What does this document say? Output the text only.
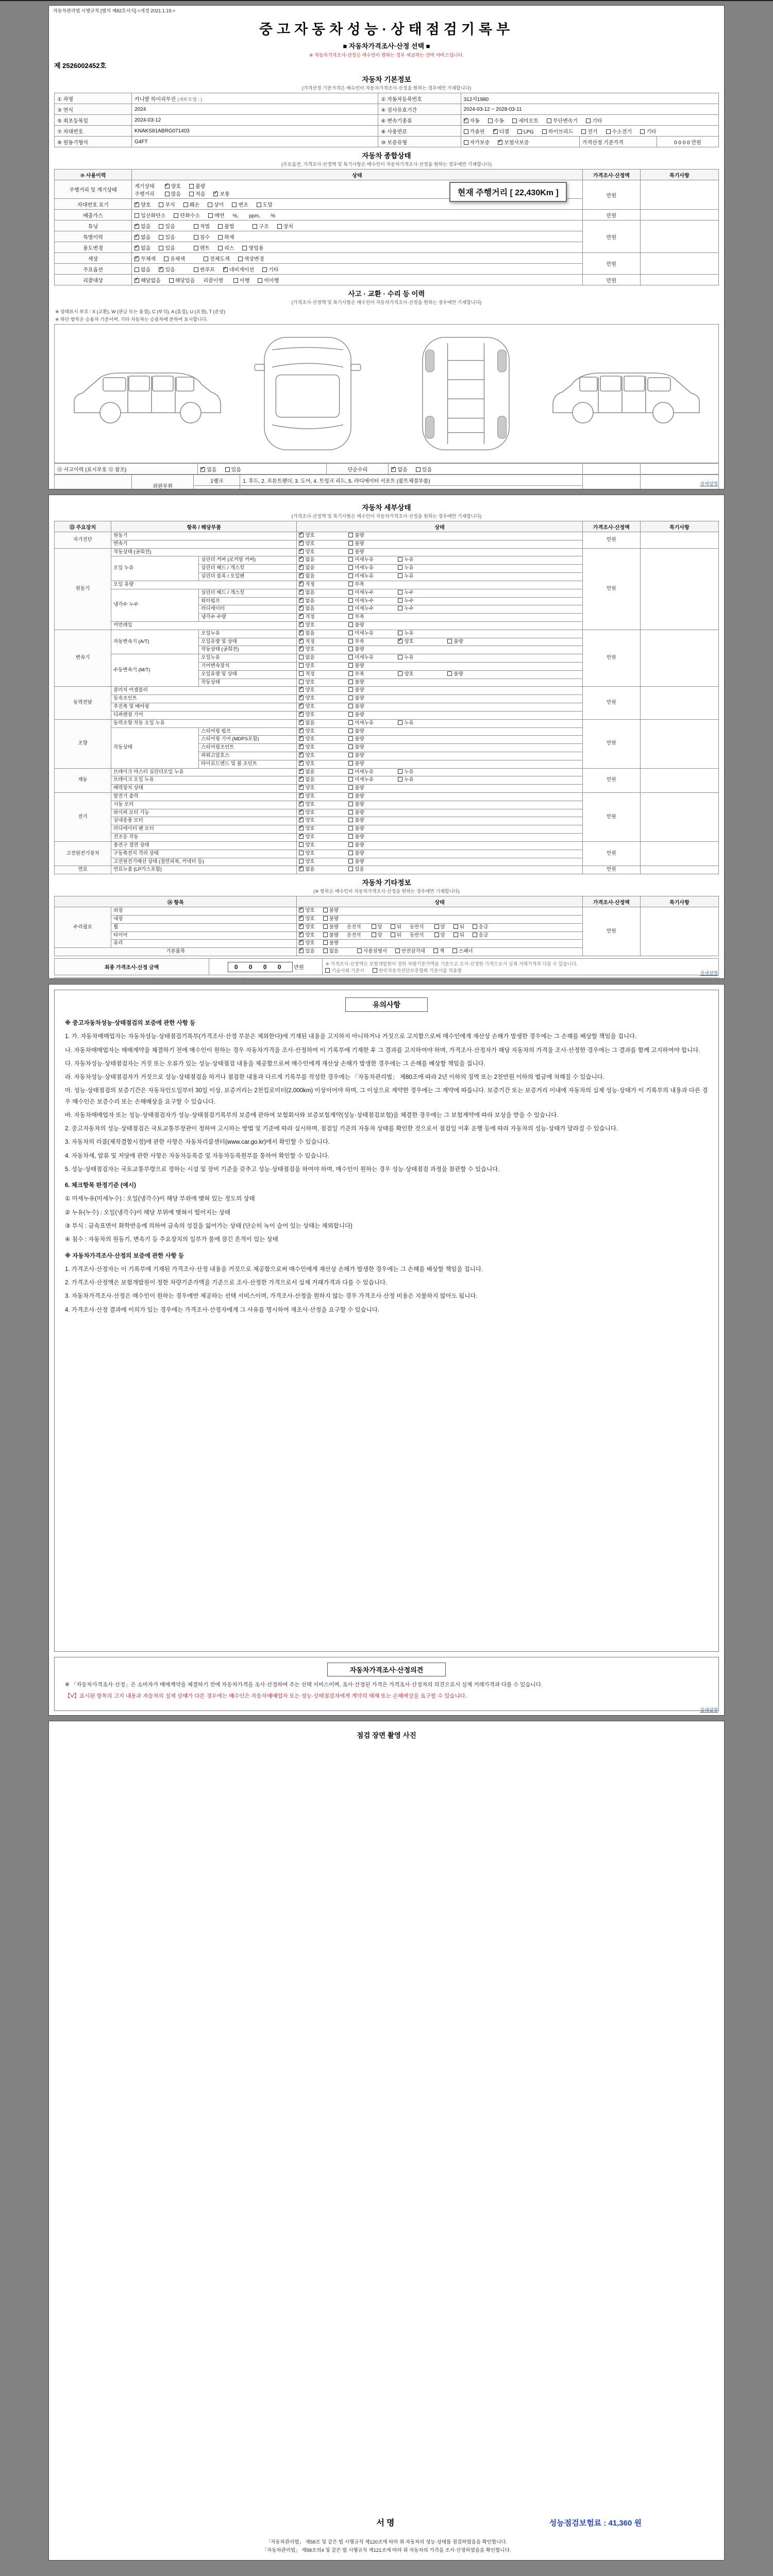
자동차관리법 시행규칙 [별지 제82호서식] <개정 2021.1.19.>
중고자동차성능·상태점검기록부
■ 자동차가격조사·산정 선택 ■
※ 자동차가격조사·산정은 매수인이 원하는 경우 제공하는 선택 서비스입니다.
제 2526002452호
자동차 기본정보
(가격산정 기준가격은 매수인이 자동차가격조사·산정을 원하는 경우에만 기재합니다)
① 차명	카니발 하이리무진 (세부모델 : )	② 자동차등록번호	312저1980		
③ 연식	2024	④ 검사유효기간	2024-03-12 ~ 2028-03-11		
⑤ 최초등록일	2024-03-12	⑥ 변속기종류	✓자동 수동 세미오토 무단변속기 기타
⑦ 차대번호	KNAKS81ABRG071403	⑧ 사용연료	가솔린 ✓ 디젤 LPG 하이브리드 전기 수소전기 기타
⑨ 원동기형식	G4FT	⑩ 보증유형	자가보증 ✓ 보험사보증	가격산정 기준가격	0 0 0 0 만원
자동차 종합상태
(주요옵션, 가격조사·산정액 및 특기사항은 매수인이 자동차가격조사·산정을 원하는 경우에만 기재합니다)
⑩ 사용이력	상태	가격조사·산정액	특기사항
주행거리 및 계기상태	계기상태 ✓ 양호 불량
주행거리 많음 적음 ✓ 보통 현재 주행거리 [ 22,430Km ]	만원	
차대번호 표기	✓양호 부식 훼손 상이 변조 도말
배출가스	일산화탄소 탄화수소 매연 %, ppm, %	만원	
튜닝	✓없음 있음 적법 불법 구조 장치	만원	
특별이력	✓없음 있음 침수 화재
용도변경	✓없음 있음 렌트 리스 영업용
색상	✓무채색 유채색 전체도색 색상변경	만원	
주요옵션	없음 ✓ 있음 썬루프 ✓ 네비게이션 기타
리콜대상	✓해당없음 해당있음 리콜이행 이행 미이행	만원	
사고 · 교환 · 수리 등 이력
(가격조사·산정액 및 특기사항은 매수인이 자동차가격조사·산정을 원하는 경우에만 기재합니다)
※ 상태표시 부호 : X (교환), W (판금 또는 용접), C (부식), A (흠집), U (요철), T (손상)
※ 하단 항목은 승용차 기준이며, 기타 자동차는 승용차에 준하여 표시합니다.
⑪ 사고이력 (표시부호 ⑫ 참조)	✓없음	있음	단순수리	✓없음	있음		
	외판부위	1랭크	1. 후드, 2. 프론트펜더, 3. 도어, 4. 트렁크 리드, 5. 라디에이터 서포트 (볼트체결부품)		

		상세설명
자동차 세부상태
(가격조사·산정액 및 특기사항은 매수인이 자동차가격조사·산정을 원하는 경우에만 기재합니다)
⑬ 주요장치	항목 / 해당부품		상태	가격조사·산정액	특기사항
자기진단	원동기	✓양호 불량	만원	
	변속기	✓양호 불량
원동기	작동상태 (공회전)	✓양호 불량	만원	
	오일 누유	실린더 커버 (로커암 커버)	✓없음 미세누유 누유
		실린더 헤드 / 개스킷	✓없음 미세누유 누유
		실린더 블록 / 오일팬	✓없음 미세누유 누유
	오일 유량	✓적정 부족
	냉각수 누수	실린더 헤드 / 개스킷	✓없음 미세누수 누수
		워터펌프	✓없음 미세누수 누수
		라디에이터	✓없음 미세누수 누수
		냉각수 수량	✓적정 부족
	커먼레일	✓양호 불량
변속기	자동변속기 (A/T)	오일누유	✓없음 미세누유 누유	만원	
		오일유량 및 상태	✓적정 부족 ✓ 양호 불량
		작동상태 (공회전)	✓양호 불량
	수동변속기 (M/T)	오일누유	없음 미세누유 누유		
		기어변속장치	양호 불량		
		오일유량 및 상태	적정 부족 양호 불량		
		작동상태	양호 불량		
동력전달	클러치 어셈블리	✓양호 불량	만원	
	등속조인트	✓양호 불량
	추진축 및 베어링	✓양호 불량
	디퍼렌셜 기어	✓양호 불량
조향	동력조향 작동 오일 누유	✓없음 미세누유 누유	만원	
	작동상태	스티어링 펌프	✓양호 불량
		스티어링 기어 (MDPS포함)	✓양호 불량
		스티어링조인트	✓양호 불량
		파워고압호스	✓양호 불량
		타이로드엔드 및 볼 조인트	✓양호 불량
제동	브레이크 마스터 실린더오일 누유	✓없음 미세누유 누유	만원	
	브레이크 오일 누유	✓없음 미세누유 누유
	배력장치 상태	✓양호 불량
전기	발전기 출력	✓양호 불량	만원	
	시동 모터	✓양호 불량
	와이퍼 모터 기능	✓양호 불량
	실내송풍 모터	✓양호 불량
	라디에이터 팬 모터	✓양호 불량
	전조등 작동	✓양호 불량
고전원전기장치	충전구 절연 상태		양호 불량	만원	
	구동축전지 격리 상태		양호 불량		
	고전원전기배선 상태 (절연피복, 커넥터 등)		양호 불량		
연료	연료누출 (LP가스포함)	✓없음 있음	만원	
자동차 기타정보
(※ 항목은 매수인이 자동차가격조사·산정을 원하는 경우에만 기재합니다)
⑭ 항목		상태	가격조사·산정액	특기사항
수리필요	외장	✓양호 불량	만원	
	내장	✓양호 불량
	휠	✓양호 불량 운전석 앞 뒤 동반석 앞 뒤 응급
	타이어	✓양호 불량 운전석 앞 뒤 동반석 앞 뒤 응급
	유리	✓양호 불량
기본품목	✓있음 없음 사용설명서 안전삼각대 잭 스패너
최종 가격조사·산정 금액	0 0 0 0 만원	
※ 가격조사·산정액은 보험개발원이 정한 차량기준가액을 기준으로 조사·산정한 가격으로서 실제 거래가격과 다를 수 있습니다.
기술사회 기준서	한국자동차진단보증협회 기준서를 적용함

상세설명
유의사항
※ 중고자동차성능·상태점검의 보증에 관한 사항 등
1. 가. 자동차매매업자는 자동차성능·상태점검기록부(가격조사·산정 부분은 제외한다)에 기재된 내용을 고지하지 아니하거나 거짓으로 고지함으로써 매수인에게 재산상 손해가 발생한 경우에는 그 손해를 배상할 책임을 집니다.
나. 자동차매매업자는 매매계약을 체결하기 전에 매수인이 원하는 경우 자동차가격을 조사·산정하여 이 기록부에 기재한 후 그 결과를 고지하여야 하며, 가격조사·산정자가 해당 자동차의 가격을 조사·산정한 경우에는 그 결과를 함께 고지하여야 합니다.
다. 자동차성능·상태점검자는 거짓 또는 오류가 있는 성능·상태점검 내용을 제공함으로써 매수인에게 재산상 손해가 발생한 경우에는 그 손해를 배상할 책임을 집니다.
라. 자동차성능·상태점검자가 거짓으로 성능·상태점검을 하거나 점검한 내용과 다르게 기록부를 작성한 경우에는 「자동차관리법」 제80조에 따라 2년 이하의 징역 또는 2천만원 이하의 벌금에 처해질 수 있습니다.
마. 성능·상태점검의 보증기간은 자동차인도일부터 30일 이상, 보증거리는 2천킬로미터(2,000km) 이상이어야 하며, 그 이상으로 계약한 경우에는 그 계약에 따릅니다. 보증기간 또는 보증거리 이내에 자동차의 실제 성능·상태가 이 기록부의 내용과 다른 경우 매수인은 보증수리 또는 손해배상을 요구할 수 있습니다.
바. 자동차매매업자 또는 성능·상태점검자가 성능·상태점검기록부의 보증에 관하여 보험회사와 보증보험계약(성능·상태점검보험)을 체결한 경우에는 그 보험계약에 따라 보상을 받을 수 있습니다.
2. 중고자동차의 성능·상태점검은 국토교통부장관이 정하여 고시하는 방법 및 기준에 따라 실시하며, 점검일 기준의 자동차 상태를 확인한 것으로서 점검일 이후 운행 등에 따라 자동차의 성능·상태가 달라질 수 있습니다.
3. 자동차의 리콜(제작결함시정)에 관한 사항은 자동차리콜센터(www.car.go.kr)에서 확인할 수 있습니다.
4. 자동차세, 압류 및 저당에 관한 사항은 자동차등록증 및 자동차등록원부를 통하여 확인할 수 있습니다.
5. 성능·상태점검자는 국토교통부령으로 정하는 시설 및 장비 기준을 갖추고 성능·상태점검을 하여야 하며, 매수인이 원하는 경우 성능·상태점검 과정을 참관할 수 있습니다.
6. 체크항목 판정기준 (예시)
① 미세누유(미세누수) : 오일(냉각수)이 해당 부위에 맺혀 있는 정도의 상태
② 누유(누수) : 오일(냉각수)이 해당 부위에 맺혀서 떨어지는 상태
③ 부식 : 금속표면이 화학반응에 의하여 금속의 성질을 잃어가는 상태 (단순히 녹이 슬어 있는 상태는 제외합니다)
④ 침수 : 자동차의 원동기, 변속기 등 주요장치의 일부가 물에 잠긴 흔적이 있는 상태
※ 자동차가격조사·산정의 보증에 관한 사항 등
1. 가격조사·산정자는 이 기록부에 기재된 가격조사·산정 내용을 거짓으로 제공함으로써 매수인에게 재산상 손해가 발생한 경우에는 그 손해를 배상할 책임을 집니다.
2. 가격조사·산정액은 보험개발원이 정한 차량기준가액을 기준으로 조사·산정한 가격으로서 실제 거래가격과 다를 수 있습니다.
3. 자동차가격조사·산정은 매수인이 원하는 경우에만 제공하는 선택 서비스이며, 가격조사·산정을 원하지 않는 경우 가격조사·산정 비용은 지불하지 않아도 됩니다.
4. 가격조사·산정 결과에 이의가 있는 경우에는 가격조사·산정자에게 그 사유를 명시하여 재조사·산정을 요구할 수 있습니다.
자동차가격조사·산정의견
※ 「자동차가격조사·산정」은 소비자가 매매계약을 체결하기 전에 자동차가격을 조사·산정하여 주는 선택 서비스이며, 조사·산정된 가격은 가격조사·산정자의 의견으로서 실제 거래가격과 다를 수 있습니다.
【V】표시된 항목의 고지 내용과 자동차의 실제 상태가 다른 경우에는 매수인은 자동차매매업자 또는 성능·상태점검자에게 계약의 해제 또는 손해배상을 요구할 수 있습니다.
상세설명
점검 장면 촬영 사진
서명	성능점검보험료 : 41,360 원
「자동차관리법」 제58조 및 같은 법 시행규칙 제120조에 따라 위 자동차의 성능·상태를 점검하였음을 확인합니다.
「자동차관리법」 제58조의4 및 같은 법 시행규칙 제121조에 따라 위 자동차의 가격을 조사·산정하였음을 확인합니다.
